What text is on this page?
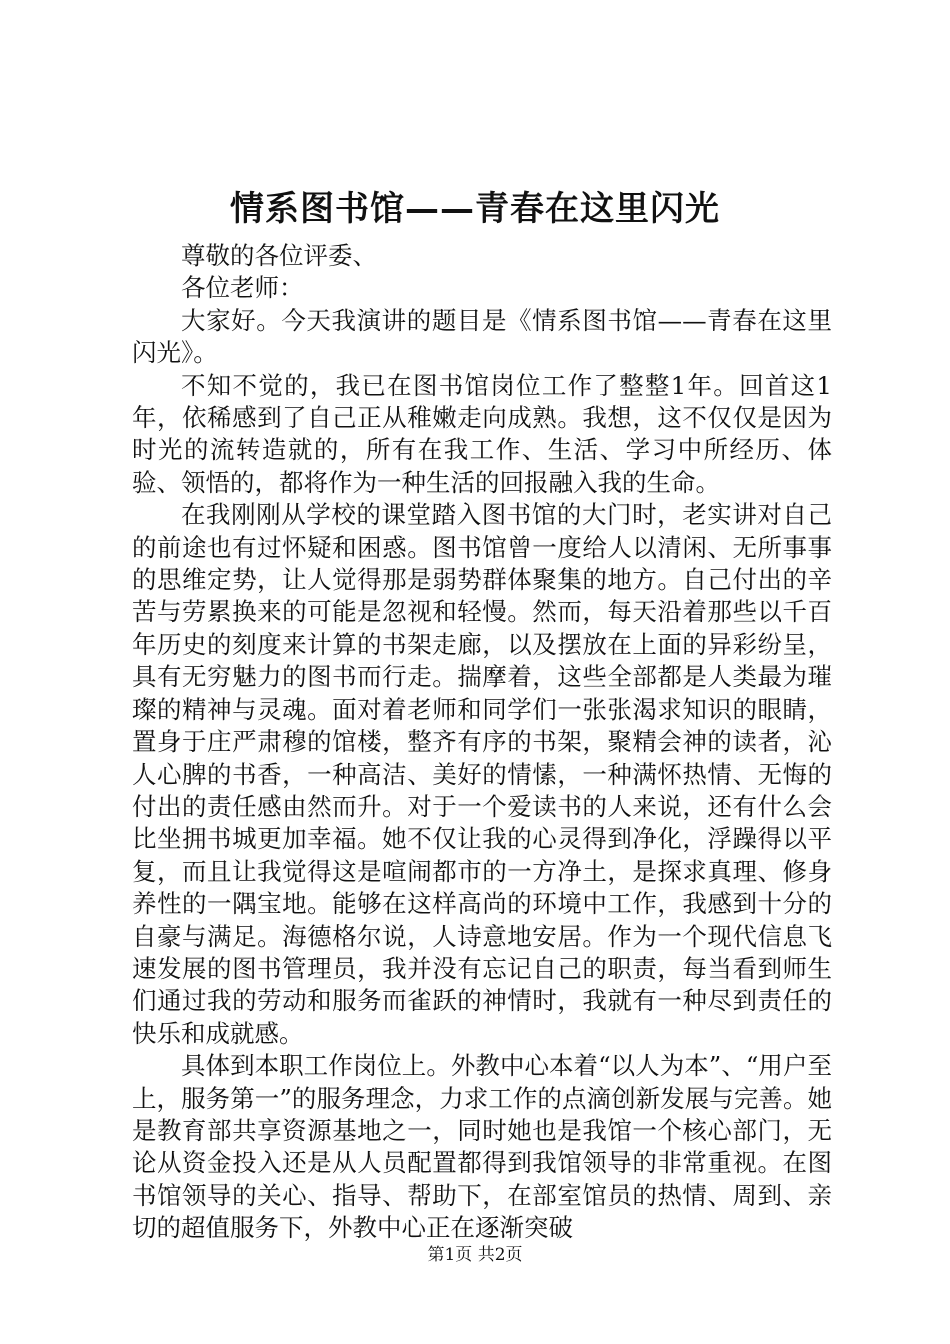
情系图书馆——青春在这里闪光

尊敬的各位评委、

各位老师：

大家好。今天我演讲的题目是《情系图书馆——青春在这里闪光》。

不知不觉的，我已在图书馆岗位工作了整整1年。回首这1年，依稀感到了自己正从稚嫩走向成熟。我想，这不仅仅是因为时光的流转造就的，所有在我工作、生活、学习中所经历、体验、领悟的，都将作为一种生活的回报融入我的生命。

在我刚刚从学校的课堂踏入图书馆的大门时，老实讲对自己的前途也有过怀疑和困惑。图书馆曾一度给人以清闲、无所事事的思维定势，让人觉得那是弱势群体聚集的地方。自己付出的辛苦与劳累换来的可能是忽视和轻慢。然而，每天沿着那些以千百年历史的刻度来计算的书架走廊，以及摆放在上面的异彩纷呈，具有无穷魅力的图书而行走。揣摩着，这些全部都是人类最为璀璨的精神与灵魂。面对着老师和同学们一张张渴求知识的眼睛，置身于庄严肃穆的馆楼，整齐有序的书架，聚精会神的读者，沁人心脾的书香，一种高洁、美好的情愫，一种满怀热情、无悔的付出的责任感由然而升。对于一个爱读书的人来说，还有什么会比坐拥书城更加幸福。她不仅让我的心灵得到净化，浮躁得以平复，而且让我觉得这是喧闹都市的一方净土，是探求真理、修身养性的一隅宝地。能够在这样高尚的环境中工作，我感到十分的自豪与满足。海德格尔说，人诗意地安居。作为一个现代信息飞速发展的图书管理员，我并没有忘记自己的职责，每当看到师生们通过我的劳动和服务而雀跃的神情时，我就有一种尽到责任的快乐和成就感。

具体到本职工作岗位上。外教中心本着“以人为本”、“用户至上，服务第一”的服务理念，力求工作的点滴创新发展与完善。她是教育部共享资源基地之一，同时她也是我馆一个核心部门，无论从资金投入还是从人员配置都得到我馆领导的非常重视。在图书馆领导的关心、指导、帮助下，在部室馆员的热情、周到、亲切的超值服务下，外教中心正在逐渐突破

第1页 共2页
